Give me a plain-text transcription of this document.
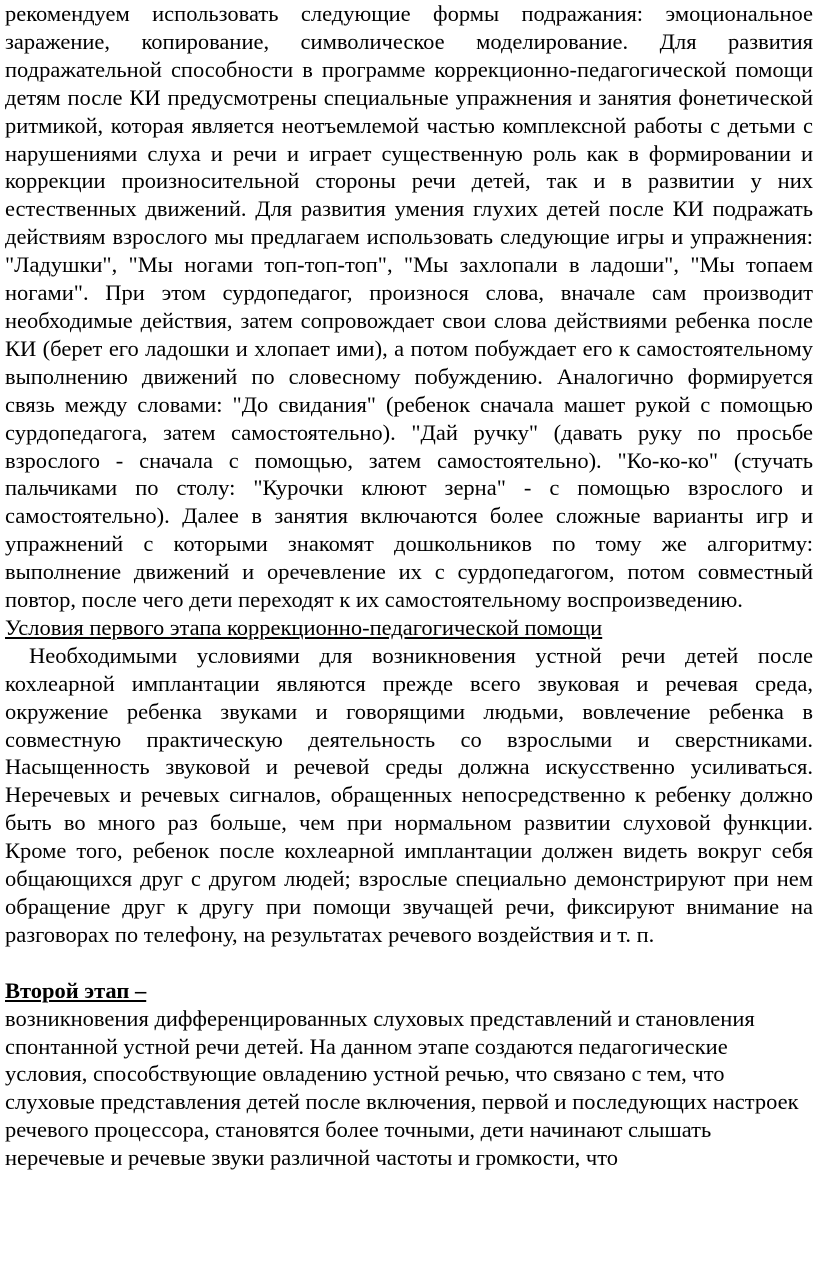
рекомендуем использовать следующие формы подражания: эмоциональное заражение, копирование, символическое моделирование. Для развития подражательной способности в программе коррекционно-педагогической помощи детям после КИ предусмотрены специальные упражнения и занятия фонетической ритмикой, которая является неотъемлемой частью комплексной работы с детьми с нарушениями слуха и речи и играет существенную роль как в формировании и коррекции произносительной стороны речи детей, так и в развитии у них естественных движений. Для развития умения глухих детей после КИ подражать действиям взрослого мы предлагаем использовать следующие игры и упражнения: "Ладушки", "Мы ногами топ-топ-топ", "Мы захлопали в ладоши", "Мы топаем ногами". При этом сурдопедагог, произнося слова, вначале сам производит необходимые действия, затем сопровождает свои слова действиями ребенка после КИ (берет его ладошки и хлопает ими), а потом побуждает его к самостоятельному выполнению движений по словесному побуждению. Аналогично формируется связь между словами: "До свидания" (ребенок сначала машет рукой с помощью сурдопедагога, затем самостоятельно). "Дай ручку" (давать руку по просьбе взрослого - сначала с помощью, затем самостоятельно). "Ко-ко-ко" (стучать пальчиками по столу: "Курочки клюют зерна" - с помощью взрослого и самостоятельно). Далее в занятия включаются более сложные варианты игр и упражнений с которыми знакомят дошкольников по тому же алгоритму: выполнение движений и оречевление их с сурдопедагогом, потом совместный повтор, после чего дети переходят к их самостоятельному воспроизведению.

Условия первого этапа коррекционно-педагогической помощи

Необходимыми условиями для возникновения устной речи детей после кохлеарной имплантации являются прежде всего звуковая и речевая среда, окружение ребенка звуками и говорящими людьми, вовлечение ребенка в совместную практическую деятельность со взрослыми и сверстниками. Насыщенность звуковой и речевой среды должна искусственно усиливаться. Неречевых и речевых сигналов, обращенных непосредственно к ребенку должно быть во много раз больше, чем при нормальном развитии слуховой функции. Кроме того, ребенок после кохлеарной имплантации должен видеть вокруг себя общающихся друг с другом людей; взрослые специально демонстрируют при нем обращение друг к другу при помощи звучащей речи, фиксируют внимание на разговорах по телефону, на результатах речевого воздействия и т. п.

Второй этап –

возникновения дифференцированных слуховых представлений и становления спонтанной устной речи детей. На данном этапе создаются педагогические условия, способствующие овладению устной речью, что связано с тем, что слуховые представления детей после включения, первой и последующих настроек речевого процессора, становятся более точными, дети начинают слышать неречевые и речевые звуки различной частоты и громкости, что
